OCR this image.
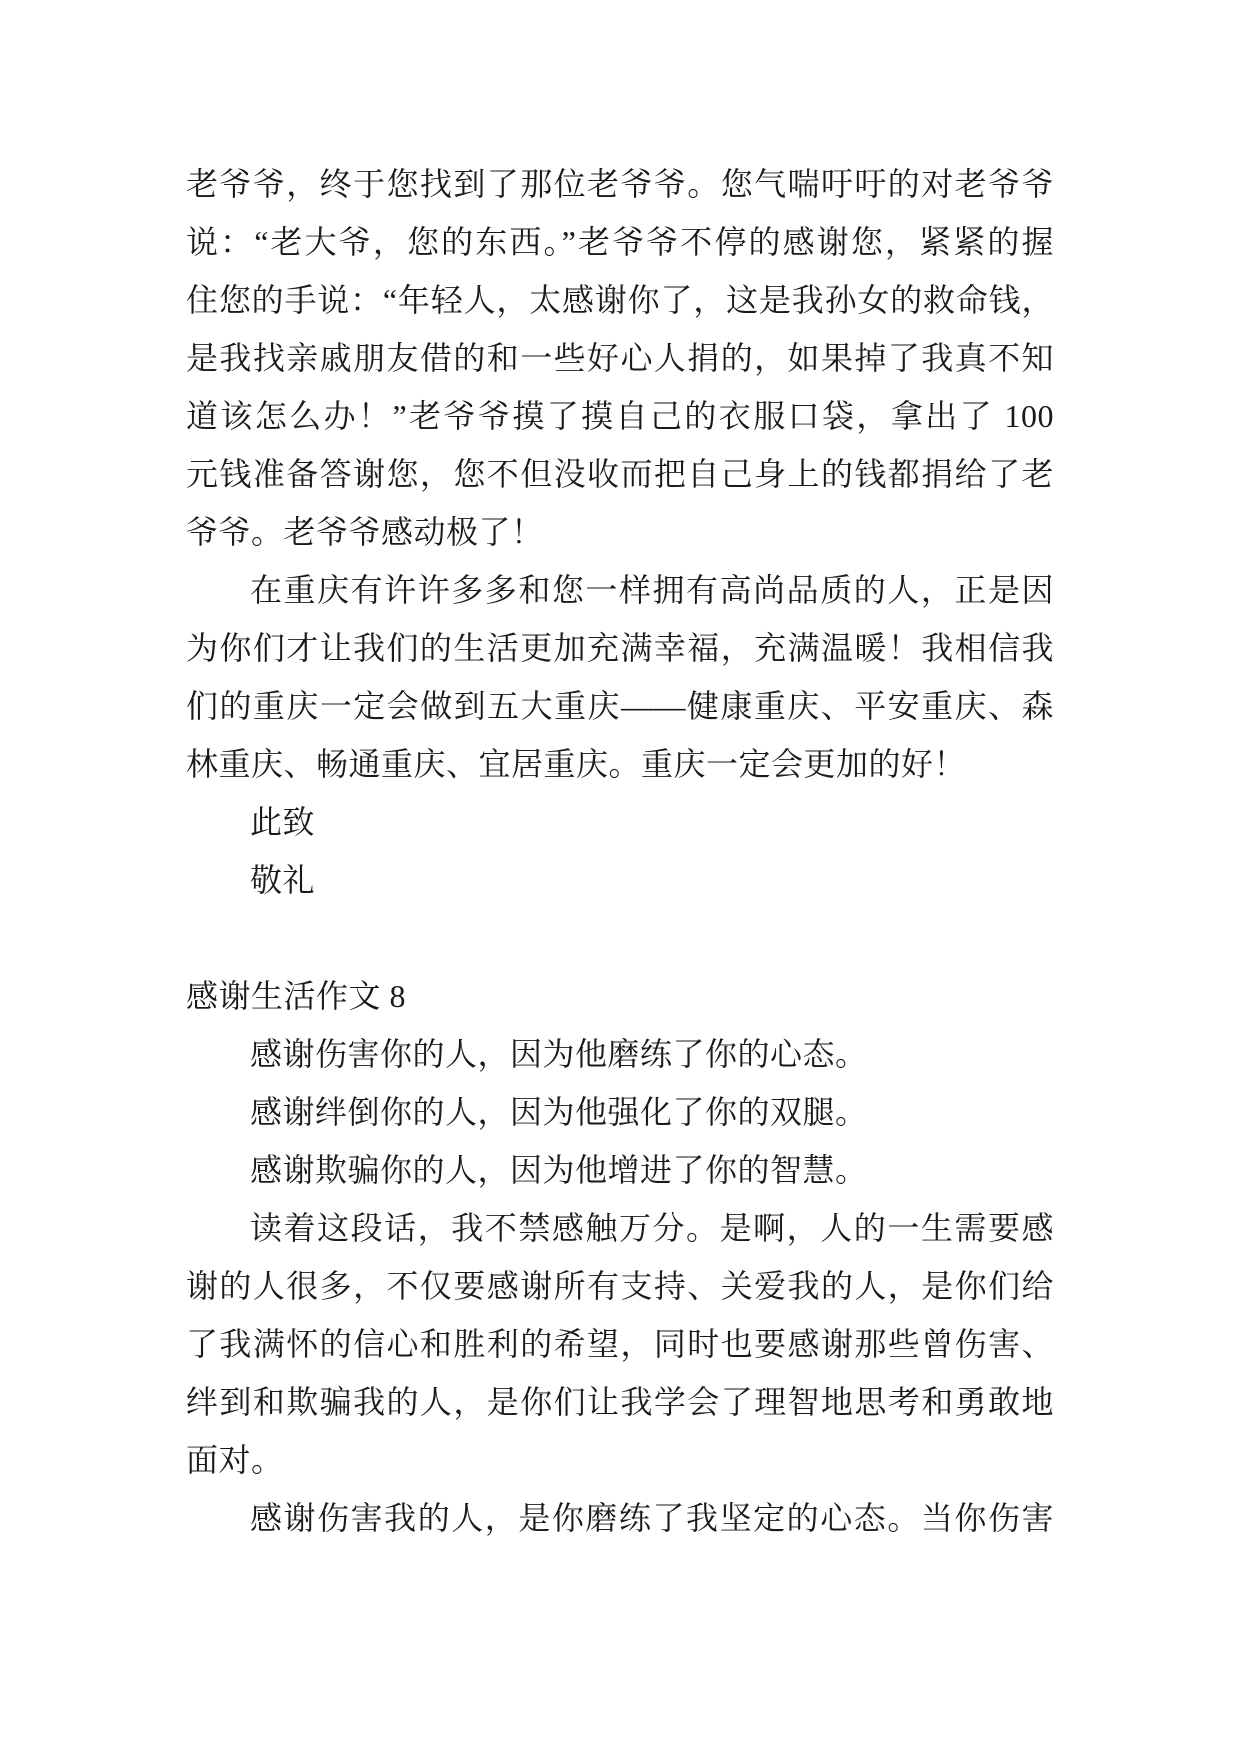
老爷爷，终于您找到了那位老爷爷。您气喘吁吁的对老爷爷
说：“老大爷，您的东西。”老爷爷不停的感谢您，紧紧的握
住您的手说：“年轻人，太感谢你了，这是我孙女的救命钱，
是我找亲戚朋友借的和一些好心人捐的，如果掉了我真不知
道该怎么办！”老爷爷摸了摸自己的衣服口袋，拿出了 100
元钱准备答谢您，您不但没收而把自己身上的钱都捐给了老
爷爷。老爷爷感动极了！
在重庆有许许多多和您一样拥有高尚品质的人，正是因
为你们才让我们的生活更加充满幸福，充满温暖！我相信我
们的重庆一定会做到五大重庆——健康重庆、平安重庆、森
林重庆、畅通重庆、宜居重庆。重庆一定会更加的好！
此致
敬礼
感谢生活作文 8
感谢伤害你的人，因为他磨练了你的心态。
感谢绊倒你的人，因为他强化了你的双腿。
感谢欺骗你的人，因为他增进了你的智慧。
读着这段话，我不禁感触万分。是啊，人的一生需要感
谢的人很多，不仅要感谢所有支持、关爱我的人，是你们给
了我满怀的信心和胜利的希望，同时也要感谢那些曾伤害、
绊到和欺骗我的人，是你们让我学会了理智地思考和勇敢地
面对。
感谢伤害我的人，是你磨练了我坚定的心态。当你伤害
